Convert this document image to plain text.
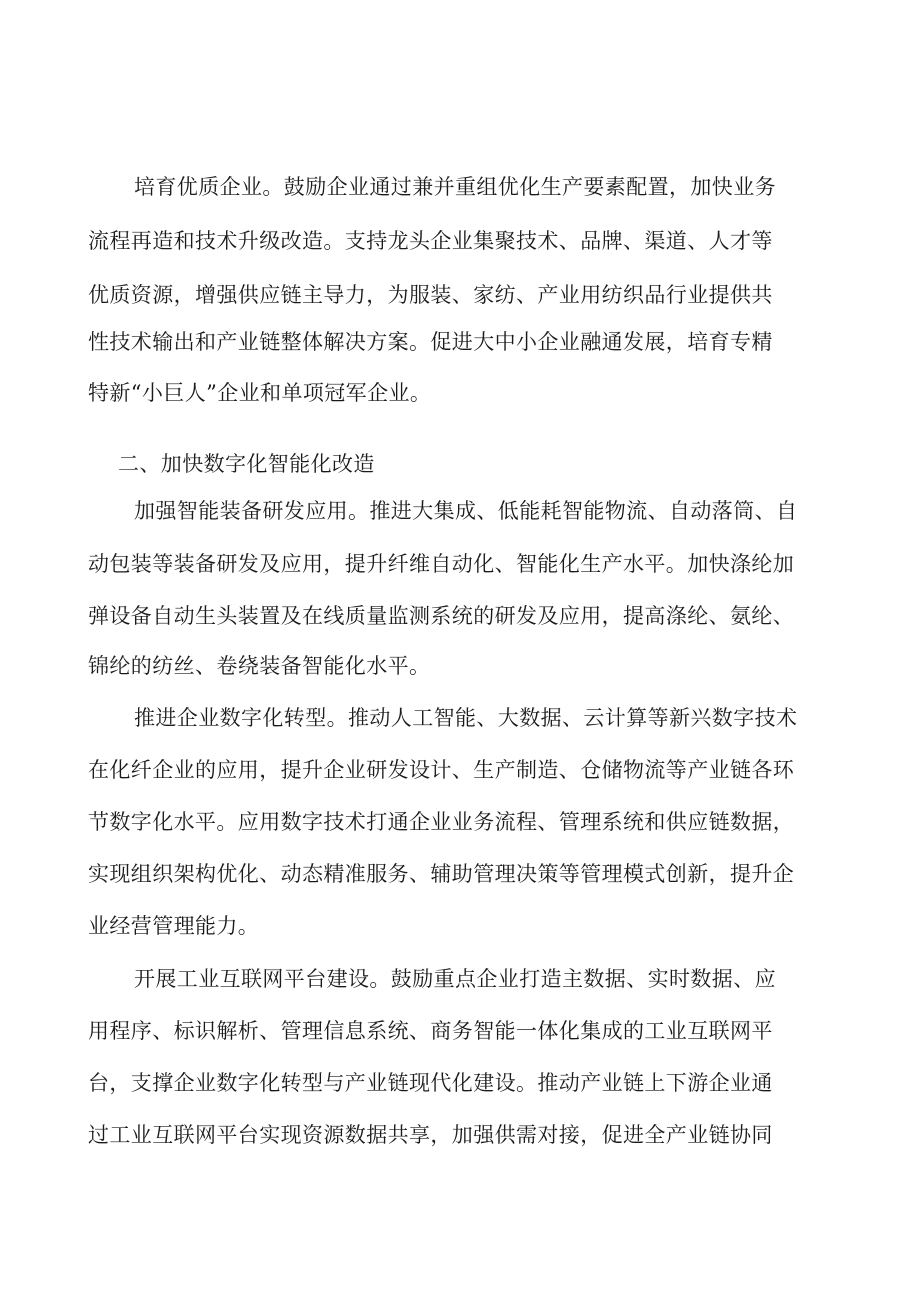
培育优质企业。鼓励企业通过兼并重组优化生产要素配置，加快业务
流程再造和技术升级改造。支持龙头企业集聚技术、品牌、渠道、人才等
优质资源，增强供应链主导力，为服装、家纺、产业用纺织品行业提供共
性技术输出和产业链整体解决方案。促进大中小企业融通发展，培育专精
特新“小巨人”企业和单项冠军企业。
二、加快数字化智能化改造
加强智能装备研发应用。推进大集成、低能耗智能物流、自动落筒、自
动包装等装备研发及应用，提升纤维自动化、智能化生产水平。加快涤纶加
弹设备自动生头装置及在线质量监测系统的研发及应用，提高涤纶、氨纶、
锦纶的纺丝、卷绕装备智能化水平。
推进企业数字化转型。推动人工智能、大数据、云计算等新兴数字技术
在化纤企业的应用，提升企业研发设计、生产制造、仓储物流等产业链各环
节数字化水平。应用数字技术打通企业业务流程、管理系统和供应链数据，
实现组织架构优化、动态精准服务、辅助管理决策等管理模式创新，提升企
业经营管理能力。
开展工业互联网平台建设。鼓励重点企业打造主数据、实时数据、应
用程序、标识解析、管理信息系统、商务智能一体化集成的工业互联网平
台，支撑企业数字化转型与产业链现代化建设。推动产业链上下游企业通
过工业互联网平台实现资源数据共享，加强供需对接，促进全产业链协同
